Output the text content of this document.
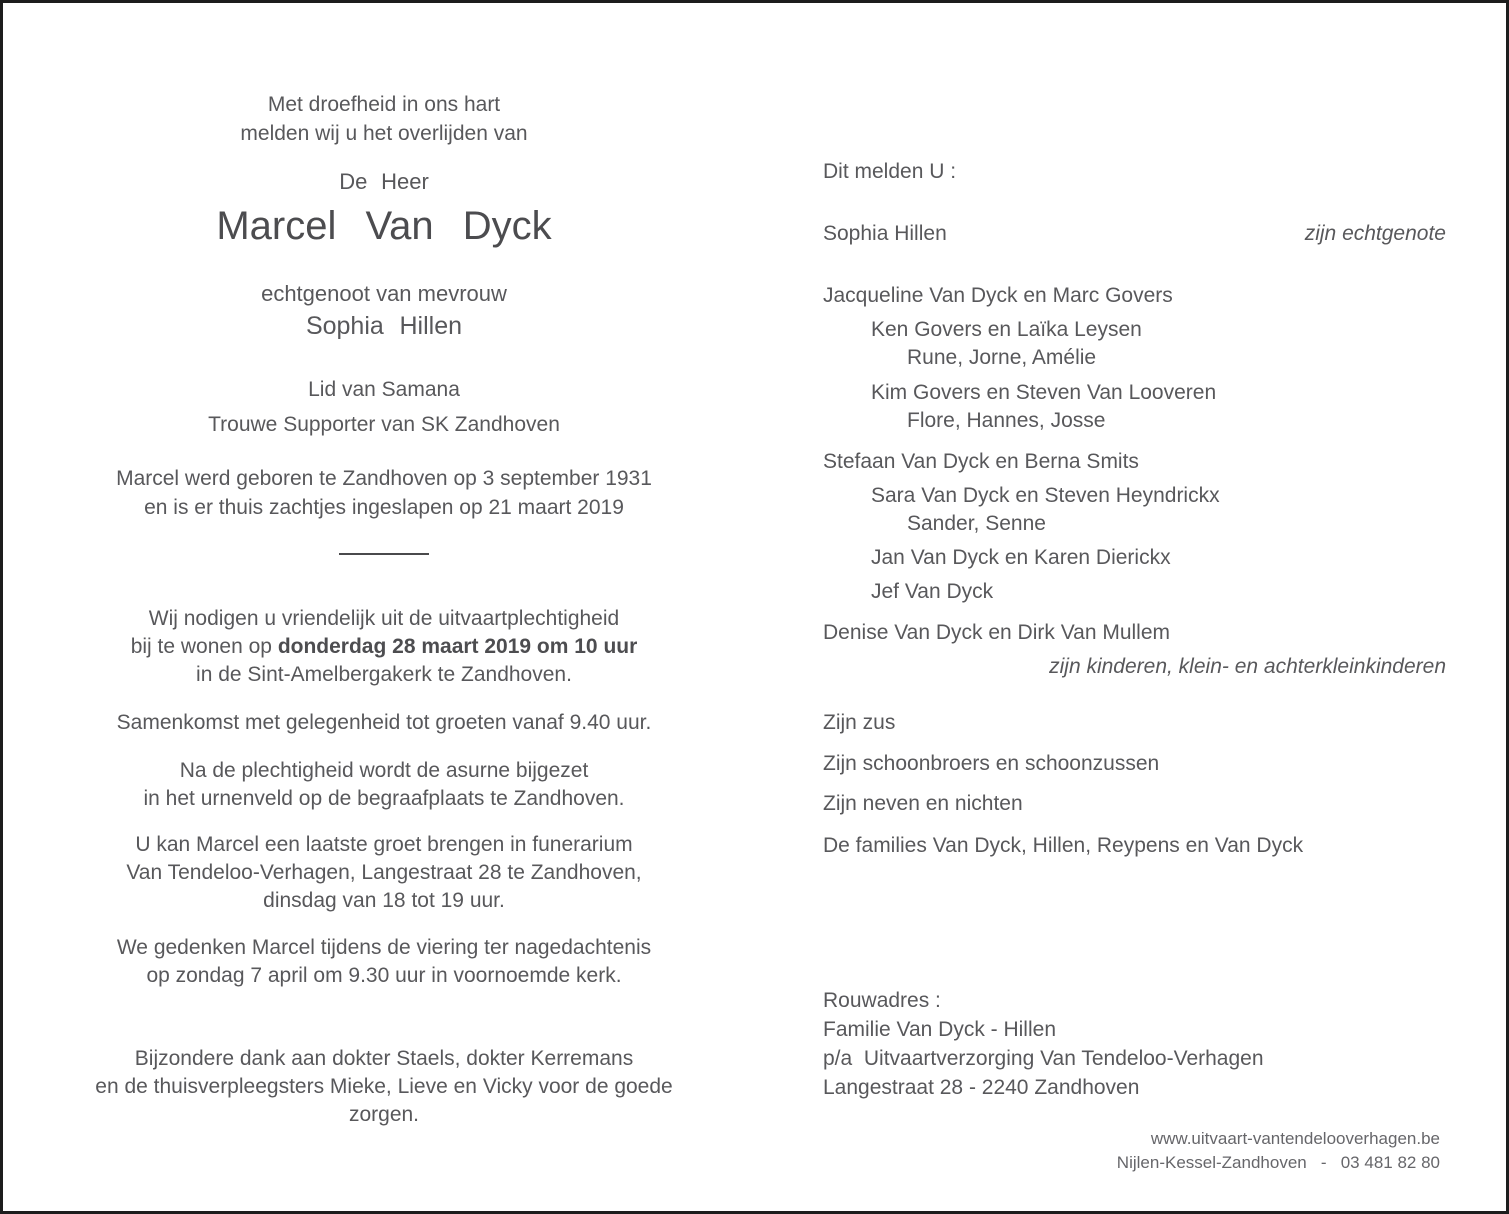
Met droefheid in ons hart
melden wij u het overlijden van
De Heer
Marcel Van Dyck
echtgenoot van mevrouw
Sophia Hillen
Lid van Samana
Trouwe Supporter van SK Zandhoven
Marcel werd geboren te Zandhoven op 3 september 1931
en is er thuis zachtjes ingeslapen op 21 maart 2019
Wij nodigen u vriendelijk uit de uitvaartplechtigheid
bij te wonen op donderdag 28 maart 2019 om 10 uur
in de Sint-Amelbergakerk te Zandhoven.
Samenkomst met gelegenheid tot groeten vanaf 9.40 uur.
Na de plechtigheid wordt de asurne bijgezet
in het urnenveld op de begraafplaats te Zandhoven.
U kan Marcel een laatste groet brengen in funerarium
Van Tendeloo-Verhagen, Langestraat 28 te Zandhoven,
dinsdag van 18 tot 19 uur.
We gedenken Marcel tijdens de viering ter nagedachtenis
op zondag 7 april om 9.30 uur in voornoemde kerk.
Bijzondere dank aan dokter Staels, dokter Kerremans
en de thuisverpleegsters Mieke, Lieve en Vicky voor de goede zorgen.
Dit melden U :
Sophia Hillen	zijn echtgenote
Jacqueline Van Dyck en Marc Govers
Ken Govers en Laïka Leysen
Rune, Jorne, Amélie
Kim Govers en Steven Van Looveren
Flore, Hannes, Josse
Stefaan Van Dyck en Berna Smits
Sara Van Dyck en Steven Heyndrickx
Sander, Senne
Jan Van Dyck en Karen Dierickx
Jef Van Dyck
Denise Van Dyck en Dirk Van Mullem
zijn kinderen, klein- en achterkleinkinderen
Zijn zus
Zijn schoonbroers en schoonzussen
Zijn neven en nichten
De families Van Dyck, Hillen, Reypens en Van Dyck
Rouwadres :
Familie Van Dyck - Hillen
p/a  Uitvaartverzorging Van Tendeloo-Verhagen
Langestraat 28 - 2240 Zandhoven
www.uitvaart-vantendelooverhagen.be
Nijlen-Kessel-Zandhoven   -   03 481 82 80
